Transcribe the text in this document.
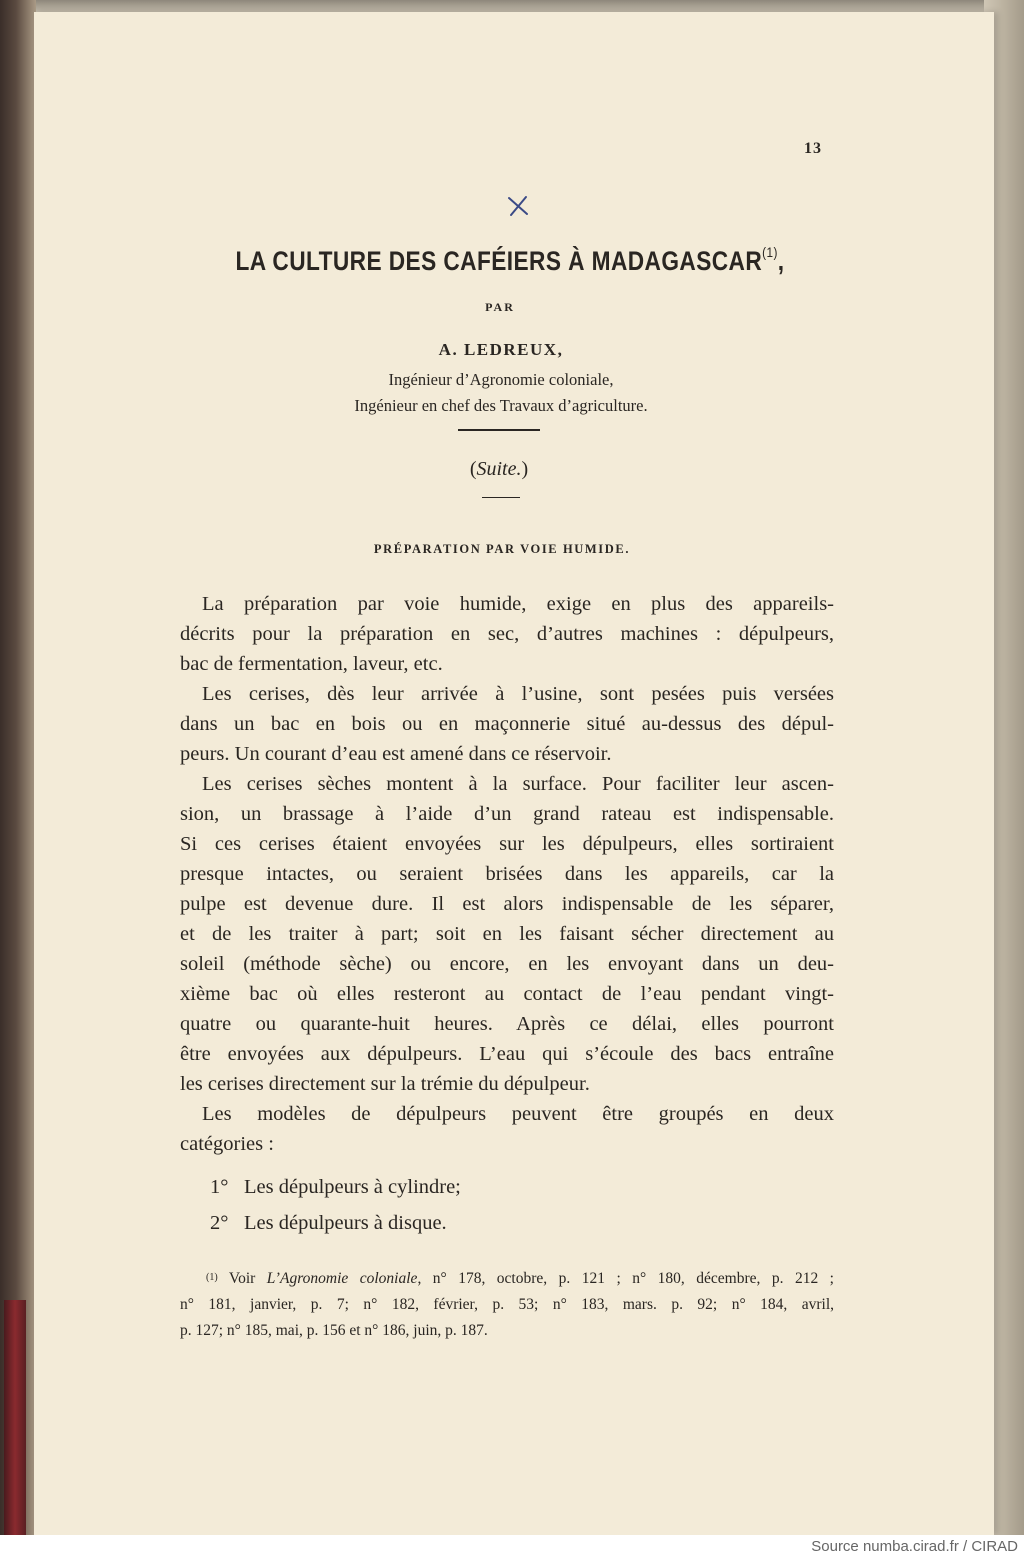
13
LA CULTURE DES CAFÉIERS À MADAGASCAR$^{(1)}$,
PAR
A. LEDREUX,
Ingénieur d’Agronomie coloniale,
Ingénieur en chef des Travaux d’agriculture.
(Suite.)
PRÉPARATION PAR VOIE HUMIDE.
La préparation par voie humide, exige en plus des appareils-
décrits pour la préparation en sec, d’autres machines : dépulpeurs,
bac de fermentation, laveur, etc.
Les cerises, dès leur arrivée à l’usine, sont pesées puis versées
dans un bac en bois ou en maçonnerie situé au-dessus des dépul-
peurs. Un courant d’eau est amené dans ce réservoir.
Les cerises sèches montent à la surface. Pour faciliter leur ascen-
sion, un brassage à l’aide d’un grand rateau est indispensable.
Si ces cerises étaient envoyées sur les dépulpeurs, elles sortiraient
presque intactes, ou seraient brisées dans les appareils, car la
pulpe est devenue dure. Il est alors indispensable de les séparer,
et de les traiter à part; soit en les faisant sécher directement au
soleil (méthode sèche) ou encore, en les envoyant dans un deu-
xième bac où elles resteront au contact de l’eau pendant vingt-
quatre ou quarante-huit heures. Après ce délai, elles pourront
être envoyées aux dépulpeurs. L’eau qui s’écoule des bacs entraîne
les cerises directement sur la trémie du dépulpeur.
Les modèles de dépulpeurs peuvent être groupés en deux
catégories :
1° Les dépulpeurs à cylindre;
2° Les dépulpeurs à disque.
$^{(1)}$ Voir L’Agronomie coloniale, n° 178, octobre, p. 121 ; n° 180, décembre, p. 212 ;
n° 181, janvier, p. 7; n° 182, février, p. 53; n° 183, mars. p. 92; n° 184, avril,
p. 127; n° 185, mai, p. 156 et n° 186, juin, p. 187.
Source numba.cirad.fr / CIRAD
